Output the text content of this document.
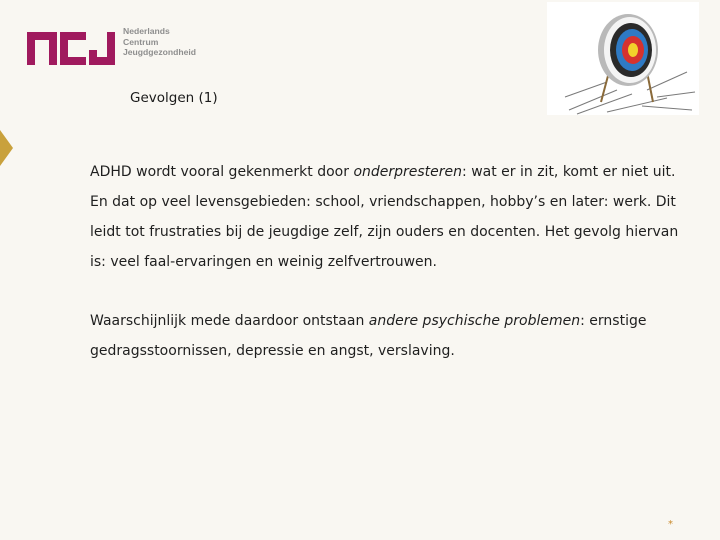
Nederlands
Centrum
Jeugdgezondheid
Gevolgen (1)

ADHD wordt vooral gekenmerkt door onderpresteren: wat er in zit, komt er niet uit. En dat op veel levensgebieden: school, vriendschappen, hobby’s en later: werk. Dit leidt tot frustraties bij de jeugdige zelf, zijn ouders en docenten. Het gevolg hiervan is: veel faal-ervaringen en weinig zelfvertrouwen.

Waarschijnlijk mede daardoor ontstaan andere psychische problemen: ernstige gedragsstoornissen, depressie en angst, verslaving.

*
